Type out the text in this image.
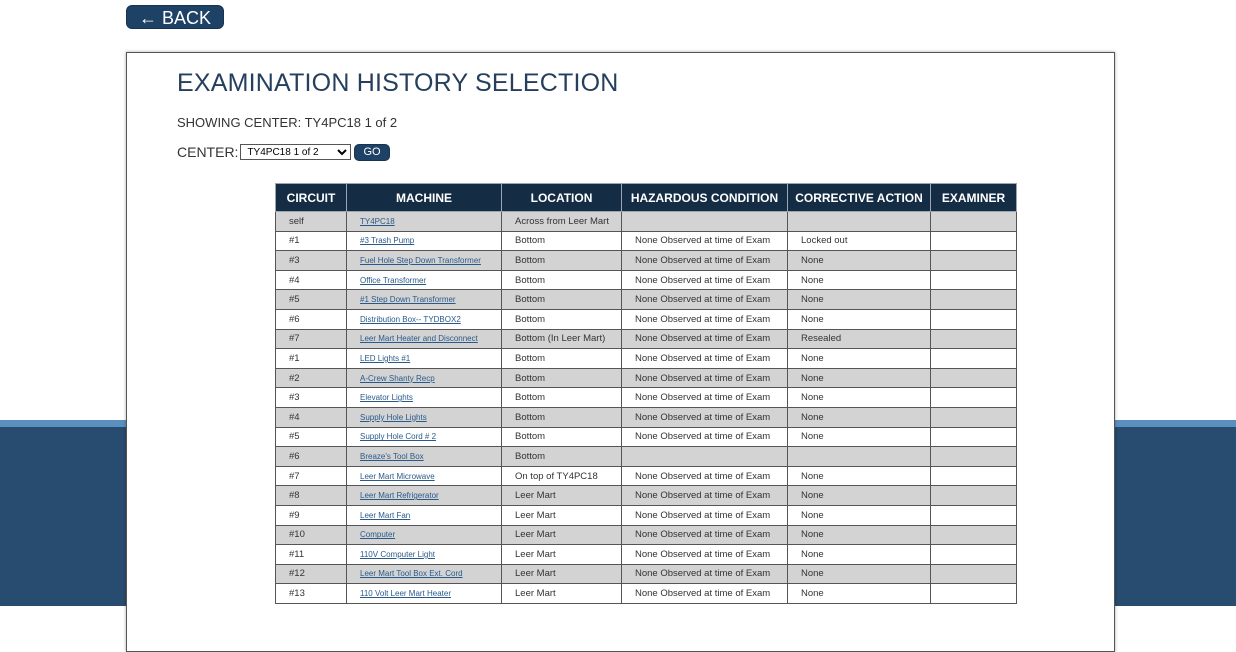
← BACK
EXAMINATION HISTORY SELECTION
SHOWING CENTER: TY4PC18 1 of 2
CENTER:
TY4PC18 1 of 2	GO
CIRCUIT	MACHINE	LOCATION	HAZARDOUS CONDITION	CORRECTIVE ACTION	EXAMINER
self	TY4PC18	Across from Leer Mart			
#1	#3 Trash Pump	Bottom	None Observed at time of Exam	Locked out	
#3	Fuel Hole Step Down Transformer	Bottom	None Observed at time of Exam	None	
#4	Office Transformer	Bottom	None Observed at time of Exam	None	
#5	#1 Step Down Transformer	Bottom	None Observed at time of Exam	None	
#6	Distribution Box-- TYDBOX2	Bottom	None Observed at time of Exam	None	
#7	Leer Mart Heater and Disconnect	Bottom (In Leer Mart)	None Observed at time of Exam	Resealed	
#1	LED Lights #1	Bottom	None Observed at time of Exam	None	
#2	A-Crew Shanty Recp	Bottom	None Observed at time of Exam	None	
#3	Elevator Lights	Bottom	None Observed at time of Exam	None	
#4	Supply Hole Lights	Bottom	None Observed at time of Exam	None	
#5	Supply Hole Cord # 2	Bottom	None Observed at time of Exam	None	
#6	Breaze's Tool Box	Bottom			
#7	Leer Mart Microwave	On top of TY4PC18	None Observed at time of Exam	None	
#8	Leer Mart Refrigerator	Leer Mart	None Observed at time of Exam	None	
#9	Leer Mart Fan	Leer Mart	None Observed at time of Exam	None	
#10	Computer	Leer Mart	None Observed at time of Exam	None	
#11	110V Computer Light	Leer Mart	None Observed at time of Exam	None	
#12	Leer Mart Tool Box Ext. Cord	Leer Mart	None Observed at time of Exam	None	
#13	110 Volt Leer Mart Heater	Leer Mart	None Observed at time of Exam	None	
